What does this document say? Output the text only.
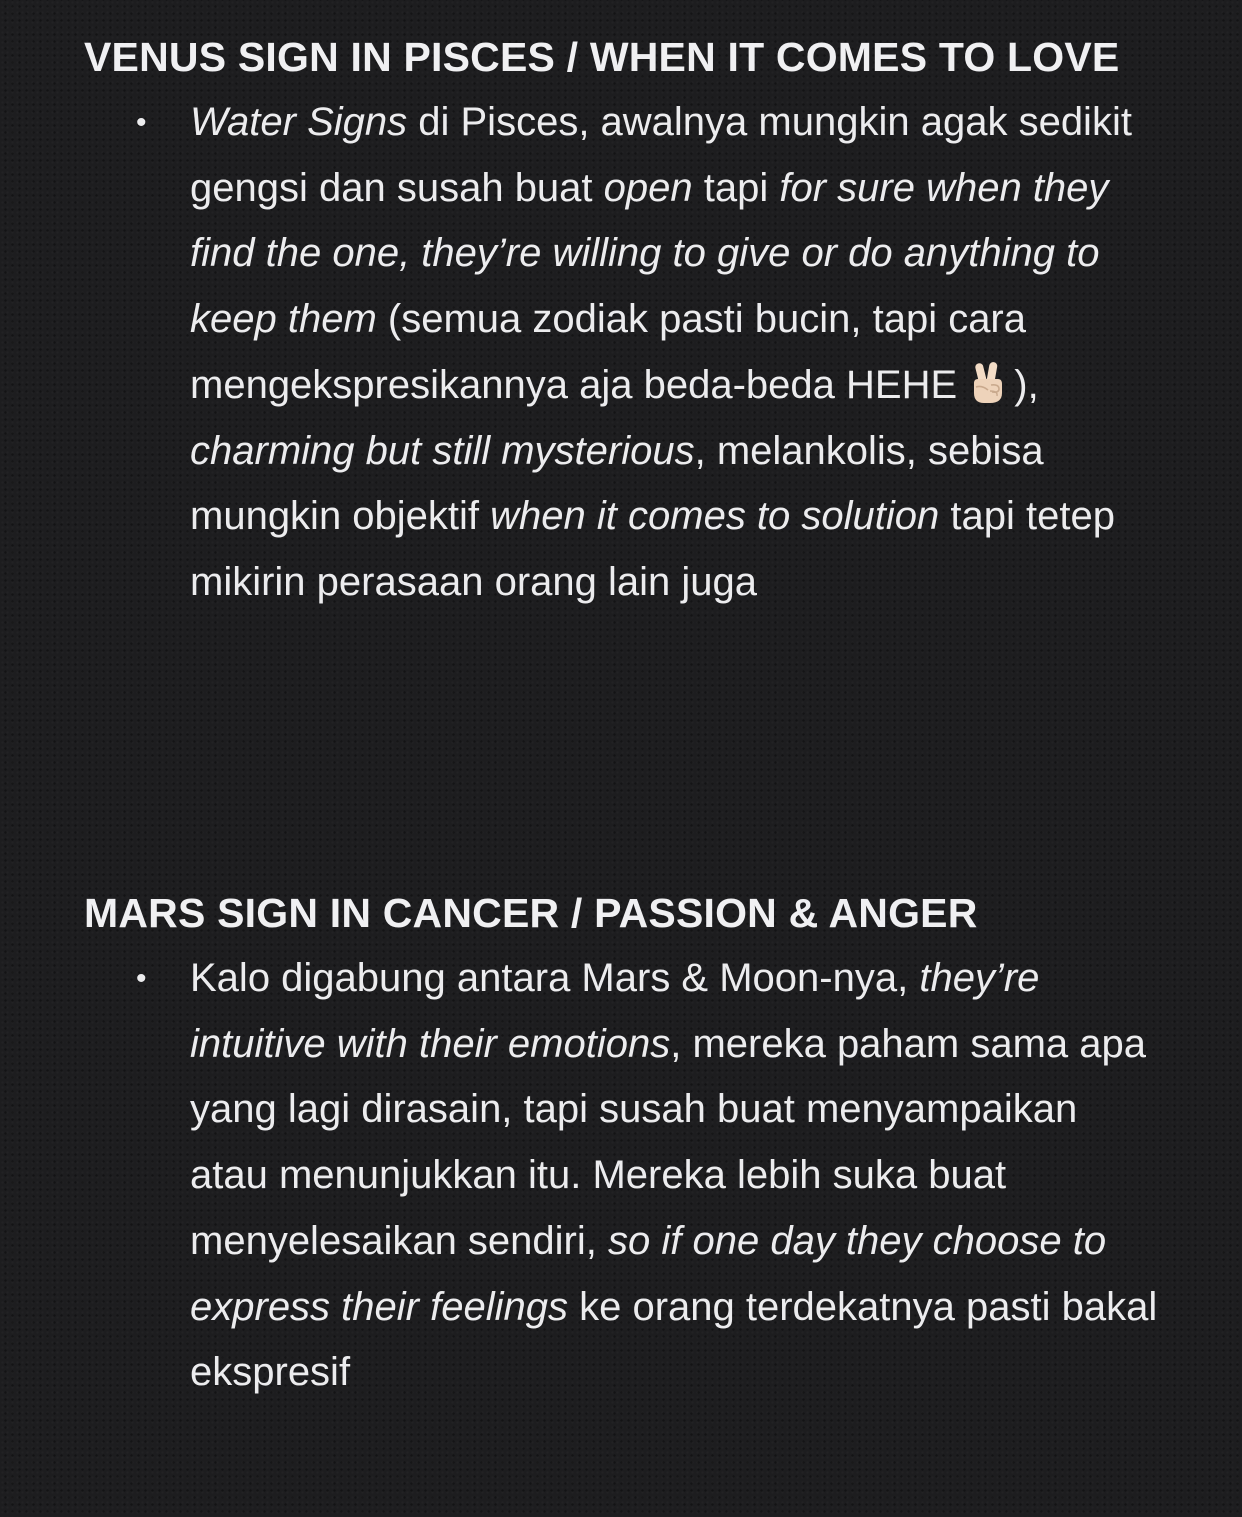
VENUS SIGN IN PISCES / WHEN IT COMES TO LOVE
• Water Signs di Pisces, awalnya mungkin agak sedikit gengsi dan susah buat open tapi for sure when they find the one, they’re willing to give or do anything to keep them (semua zodiak pasti bucin, tapi cara mengekspresikannya aja beda-beda HEHE ), charming but still mysterious, melankolis, sebisa mungkin objektif when it comes to solution tapi tetep mikirin perasaan orang lain juga
MARS SIGN IN CANCER / PASSION & ANGER
• Kalo digabung antara Mars & Moon-nya, they’re intuitive with their emotions, mereka paham sama apa yang lagi dirasain, tapi susah buat menyampaikan atau menunjukkan itu. Mereka lebih suka buat menyelesaikan sendiri, so if one day they choose to express their feelings ke orang terdekatnya pasti bakal ekspresif
